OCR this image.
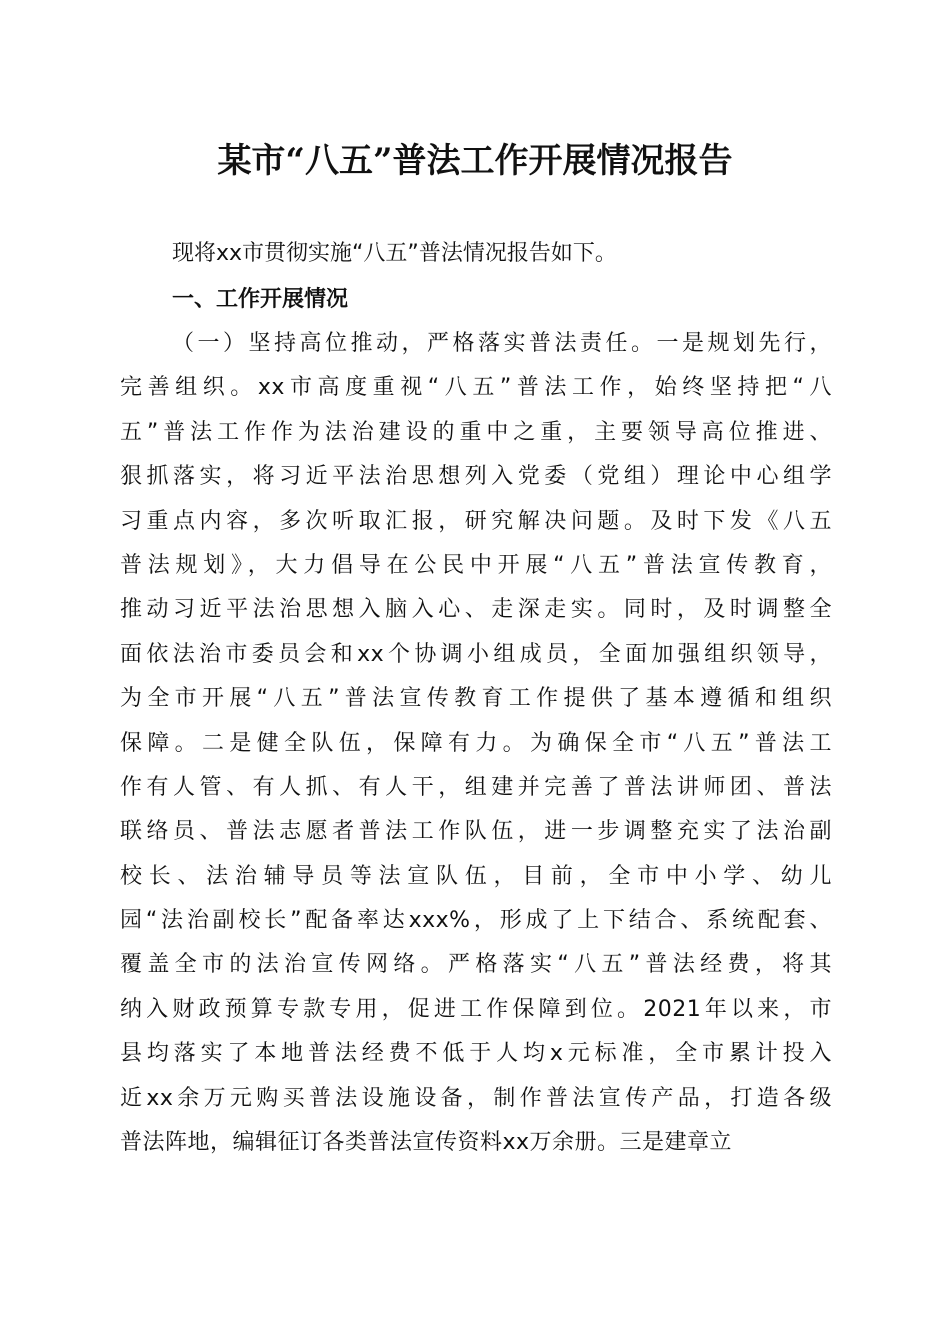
某市“八五”普法工作开展情况报告
现将xx市贯彻实施“八五”普法情况报告如下。
一、工作开展情况
（一）坚持高位推动，严格落实普法责任。一是规划先行，
完善组织。xx市高度重视“八五”普法工作，始终坚持把“八
五”普法工作作为法治建设的重中之重，主要领导高位推进、
狠抓落实，将习近平法治思想列入党委（党组）理论中心组学
习重点内容，多次听取汇报，研究解决问题。及时下发《八五
普法规划》，大力倡导在公民中开展“八五”普法宣传教育，
推动习近平法治思想入脑入心、走深走实。同时，及时调整全
面依法治市委员会和xx个协调小组成员，全面加强组织领导，
为全市开展“八五”普法宣传教育工作提供了基本遵循和组织
保障。二是健全队伍，保障有力。为确保全市“八五”普法工
作有人管、有人抓、有人干，组建并完善了普法讲师团、普法
联络员、普法志愿者普法工作队伍，进一步调整充实了法治副
校长、法治辅导员等法宣队伍，目前，全市中小学、幼儿
园“法治副校长”配备率达xxx%，形成了上下结合、系统配套、
覆盖全市的法治宣传网络。严格落实“八五”普法经费，将其
纳入财政预算专款专用，促进工作保障到位。2021年以来，市
县均落实了本地普法经费不低于人均x元标准，全市累计投入
近xx余万元购买普法设施设备，制作普法宣传产品，打造各级
普法阵地，编辑征订各类普法宣传资料xx万余册。三是建章立
